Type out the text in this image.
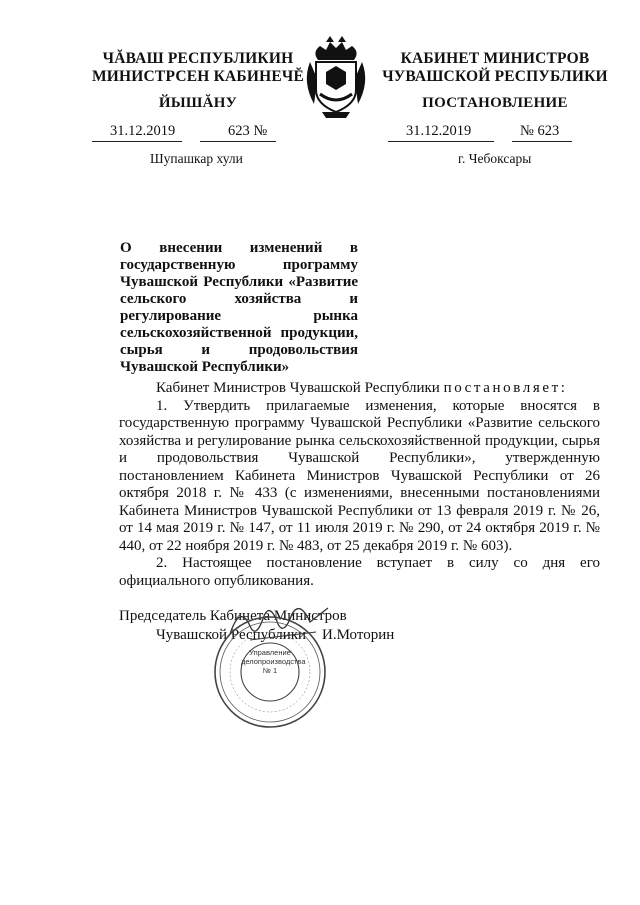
ЧĂВАШ РЕСПУБЛИКИН
МИНИСТРСЕН КАБИНЕЧĔ
ЙЫШĂНУ
31.12.2019	623 №
Шупашкар хули
КАБИНЕТ МИНИСТРОВ
ЧУВАШСКОЙ РЕСПУБЛИКИ
ПОСТАНОВЛЕНИЕ
31.12.2019	№ 623
г. Чебоксары
О внесении изменений в государственную программу Чувашской Республики «Развитие сельского хозяйства и регулирование рынка сельскохозяйственной продукции, сырья и продовольствия Чувашской Республики»

Кабинет Министров Чувашской Республики постановляет:

1. Утвердить прилагаемые изменения, которые вносятся в государственную программу Чувашской Республики «Развитие сельского хозяйства и регулирование рынка сельскохозяйственной продукции, сырья и продовольствия Чувашской Республики», утвержденную постановлением Кабинета Министров Чувашской Республики от 26 октября 2018 г. № 433 (с изменениями, внесенными постановлениями Кабинета Министров Чувашской Республики от 13 февраля 2019 г. № 26, от 14 мая 2019 г. № 147, от 11 июля 2019 г. № 290, от 24 октября 2019 г. № 440, от 22 ноября 2019 г. № 483, от 25 декабря 2019 г. № 603).

2. Настоящее постановление вступает в силу со дня его официального опубликования.

Председатель Кабинета Министров
Чувашской Республики И.Моторин
Управление
делопроизводства
№ 1
